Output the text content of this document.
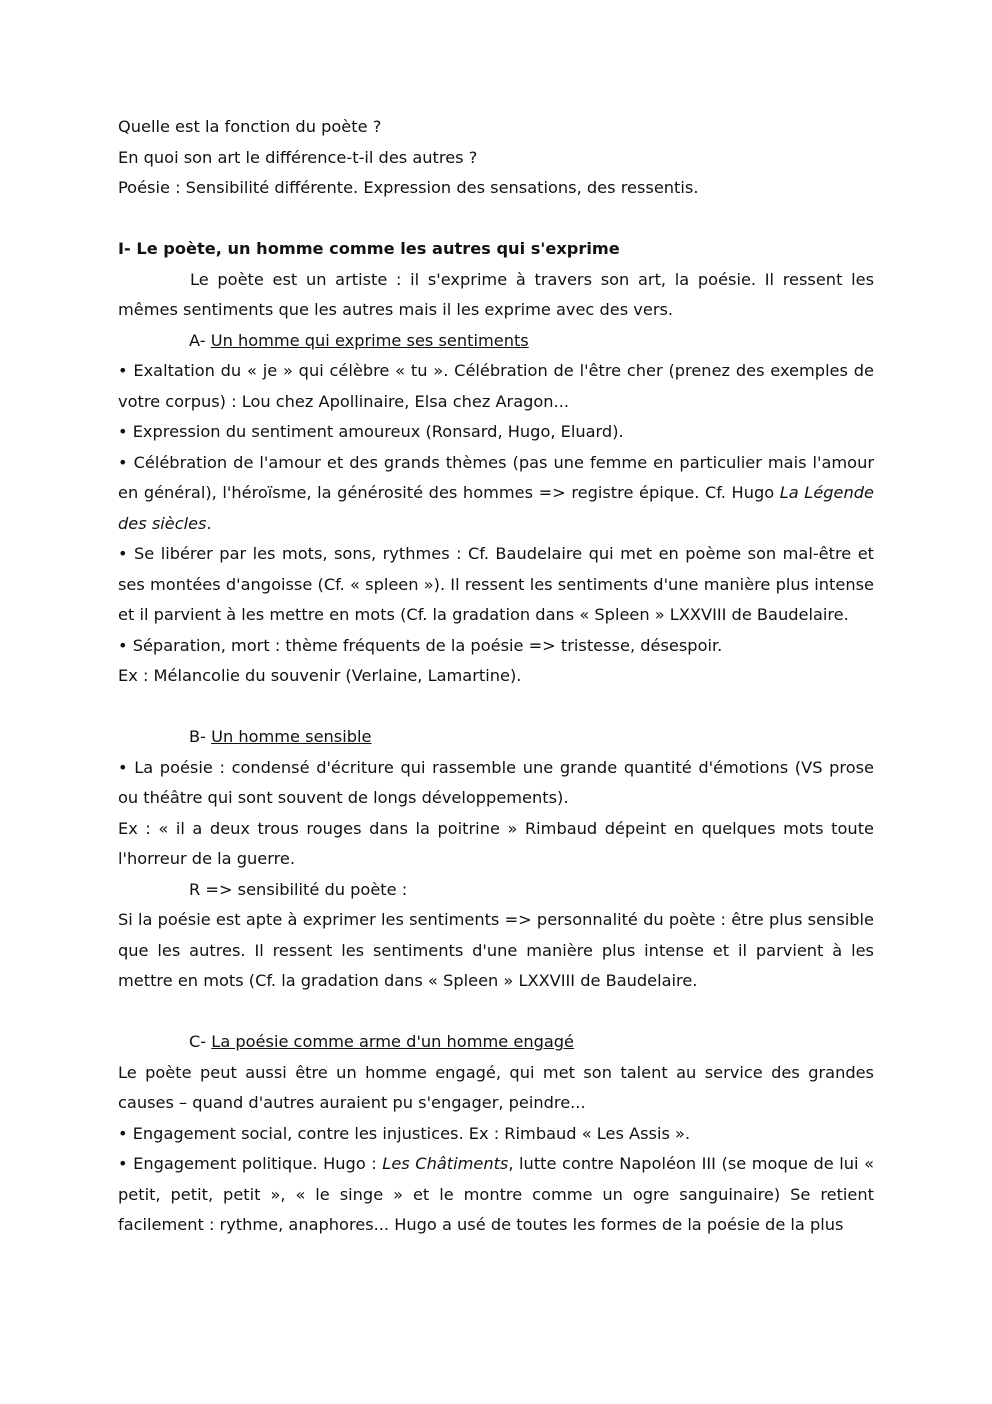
Quelle est la fonction du poète ?

En quoi son art le différence-t-il des autres ?

Poésie : Sensibilité différente. Expression des sensations, des ressentis.

I- Le poète, un homme comme les autres qui s'exprime

Le poète est un artiste : il s'exprime à travers son art, la poésie. Il ressent les mêmes sentiments que les autres mais il les exprime avec des vers.

A- Un homme qui exprime ses sentiments

• Exaltation du « je » qui célèbre « tu ». Célébration de l'être cher (prenez des exemples de votre corpus) : Lou chez Apollinaire, Elsa chez Aragon...

• Expression du sentiment amoureux (Ronsard, Hugo, Eluard).

• Célébration de l'amour et des grands thèmes (pas une femme en particulier mais l'amour en général), l'héroïsme, la générosité des hommes => registre épique. Cf. Hugo La Légende des siècles.

• Se libérer par les mots, sons, rythmes : Cf. Baudelaire qui met en poème son mal-être et ses montées d'angoisse (Cf. « spleen »). Il ressent les sentiments d'une manière plus intense et il parvient à les mettre en mots (Cf. la gradation dans « Spleen » LXXVIII de Baudelaire.

• Séparation, mort : thème fréquents de la poésie => tristesse, désespoir.

Ex : Mélancolie du souvenir (Verlaine, Lamartine).

B- Un homme sensible

• La poésie : condensé d'écriture qui rassemble une grande quantité d'émotions (VS prose ou théâtre qui sont souvent de longs développements).

Ex : « il a deux trous rouges dans la poitrine » Rimbaud dépeint en quelques mots toute l'horreur de la guerre.

R => sensibilité du poète :

Si la poésie est apte à exprimer les sentiments => personnalité du poète : être plus sensible que les autres. Il ressent les sentiments d'une manière plus intense et il parvient à les mettre en mots (Cf. la gradation dans « Spleen » LXXVIII de Baudelaire.

C- La poésie comme arme d'un homme engagé

Le poète peut aussi être un homme engagé, qui met son talent au service des grandes causes – quand d'autres auraient pu s'engager, peindre...

• Engagement social, contre les injustices. Ex : Rimbaud « Les Assis ».

• Engagement politique. Hugo : Les Châtiments, lutte contre Napoléon III (se moque de lui « petit, petit, petit », « le singe » et le montre comme un ogre sanguinaire) Se retient facilement : rythme, anaphores... Hugo a usé de toutes les formes de la poésie de la plus
